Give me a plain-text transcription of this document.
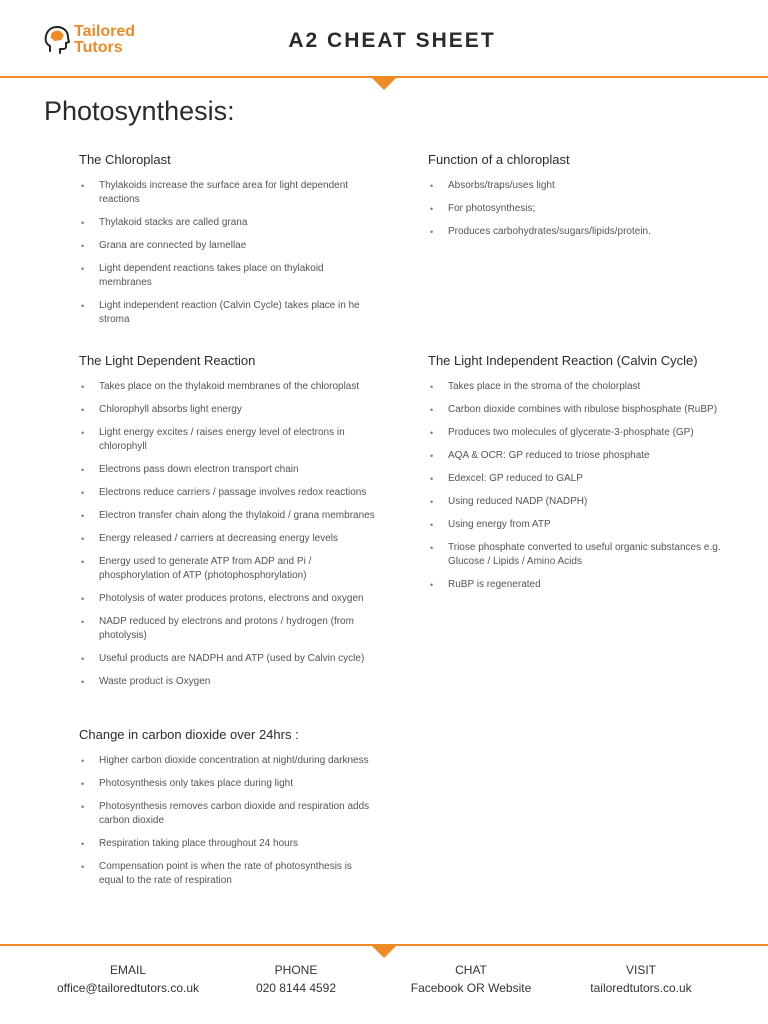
Tailored
Tutors	A2 CHEAT SHEET
Photosynthesis:
The Chloroplast
• Thylakoids increase the surface area for light dependent reactions
• Thylakoid stacks are called grana
• Grana are connected by lamellae
• Light dependent reactions takes place on thylakoid membranes
• Light independent reaction (Calvin Cycle) takes place in he stroma
Function of a chloroplast
• Absorbs/traps/uses light
• For photosynthesis;
• Produces carbohydrates/sugars/lipids/protein.
The Light Dependent Reaction
• Takes place on the thylakoid membranes of the chloroplast
• Chlorophyll absorbs light energy
• Light energy excites / raises energy level of electrons in chlorophyll
• Electrons pass down electron transport chain
• Electrons reduce carriers / passage involves redox reactions
• Electron transfer chain along the thylakoid / grana membranes
• Energy released / carriers at decreasing energy levels
• Energy used to generate ATP from ADP and Pi / phosphorylation of ATP (photophosphorylation)
• Photolysis of water produces protons, electrons and oxygen
• NADP reduced by electrons and protons / hydrogen (from photolysis)
• Useful products are NADPH and ATP (used by Calvin cycle)
• Waste product is Oxygen
The Light Independent Reaction (Calvin Cycle)
• Takes place in the stroma of the cholorplast
• Carbon dioxide combines with ribulose bisphosphate (RuBP)
• Produces two molecules of glycerate-3-phosphate (GP)
• AQA & OCR: GP reduced to triose phosphate
• Edexcel: GP reduced to GALP
• Using reduced NADP (NADPH)
• Using energy from ATP
• Triose phosphate converted to useful organic substances e.g. Glucose / Lipids / Amino Acids
• RuBP is regenerated
Change in carbon dioxide over 24hrs :
• Higher carbon dioxide concentration at night/during darkness
• Photosynthesis only takes place during light
• Photosynthesis removes carbon dioxide and respiration adds carbon dioxide
• Respiration taking place throughout 24 hours
• Compensation point is when the rate of photosynthesis is equal to the rate of respiration
EMAIL
office@tailoredtutors.co.uk
PHONE
020 8144 4592
CHAT
Facebook OR Website
VISIT
tailoredtutors.co.uk
